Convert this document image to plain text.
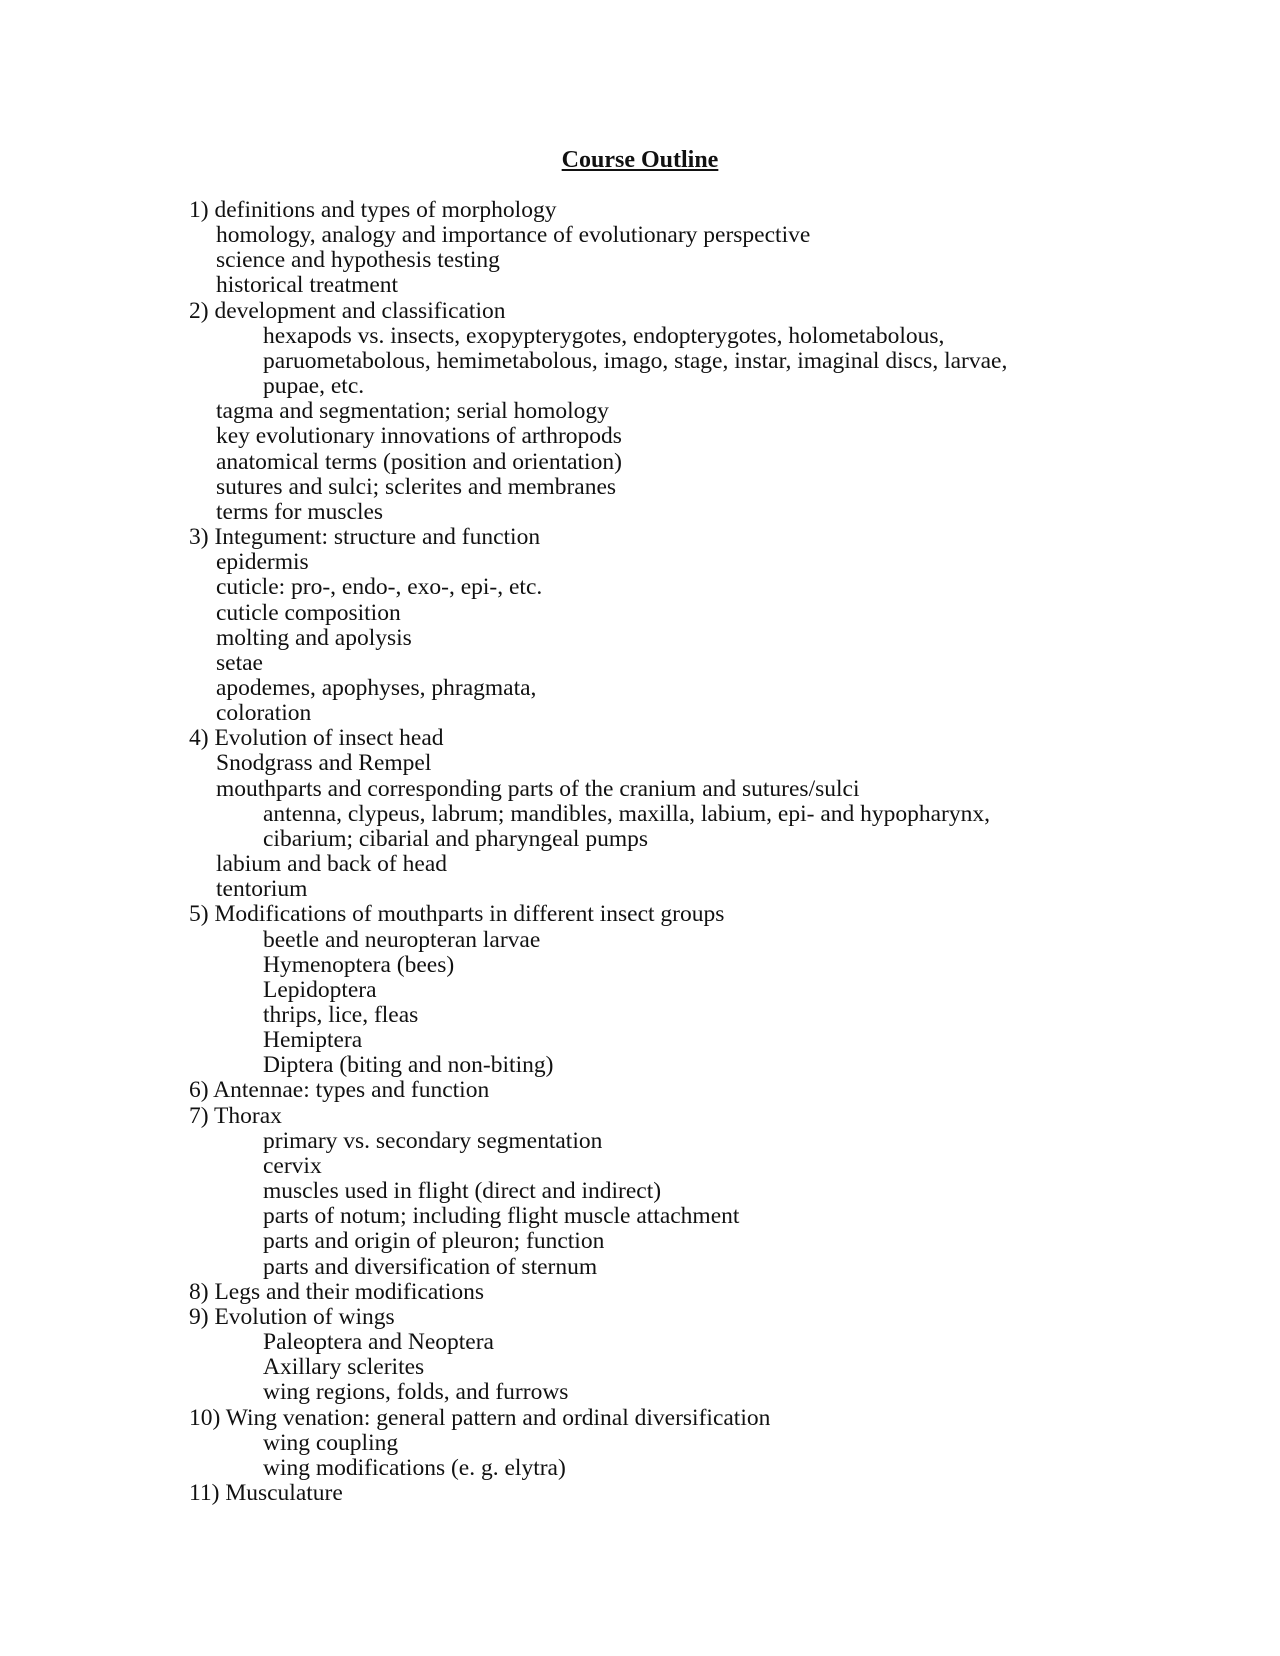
Course Outline
1) definitions and types of morphology
homology, analogy and importance of evolutionary perspective
science and hypothesis testing
historical treatment
2) development and classification
hexapods vs. insects, exopypterygotes, endopterygotes, holometabolous,
paruometabolous, hemimetabolous, imago, stage, instar, imaginal discs, larvae,
pupae, etc.
tagma and segmentation; serial homology
key evolutionary innovations of arthropods
anatomical terms (position and orientation)
sutures and sulci; sclerites and membranes
terms for muscles
3) Integument: structure and function
epidermis
cuticle: pro-, endo-, exo-, epi-, etc.
cuticle composition
molting and apolysis
setae
apodemes, apophyses, phragmata,
coloration
4) Evolution of insect head
Snodgrass and Rempel
mouthparts and corresponding parts of the cranium and sutures/sulci
antenna, clypeus, labrum; mandibles, maxilla, labium, epi- and hypopharynx,
cibarium; cibarial and pharyngeal pumps
labium and back of head
tentorium
5) Modifications of mouthparts in different insect groups
beetle and neuropteran larvae
Hymenoptera (bees)
Lepidoptera
thrips, lice, fleas
Hemiptera
Diptera (biting and non-biting)
6) Antennae: types and function
7) Thorax
primary vs. secondary segmentation
cervix
muscles used in flight (direct and indirect)
parts of notum; including flight muscle attachment
parts and origin of pleuron; function
parts and diversification of sternum
8) Legs and their modifications
9) Evolution of wings
Paleoptera and Neoptera
Axillary sclerites
wing regions, folds, and furrows
10) Wing venation: general pattern and ordinal diversification
wing coupling
wing modifications (e. g. elytra)
11) Musculature
